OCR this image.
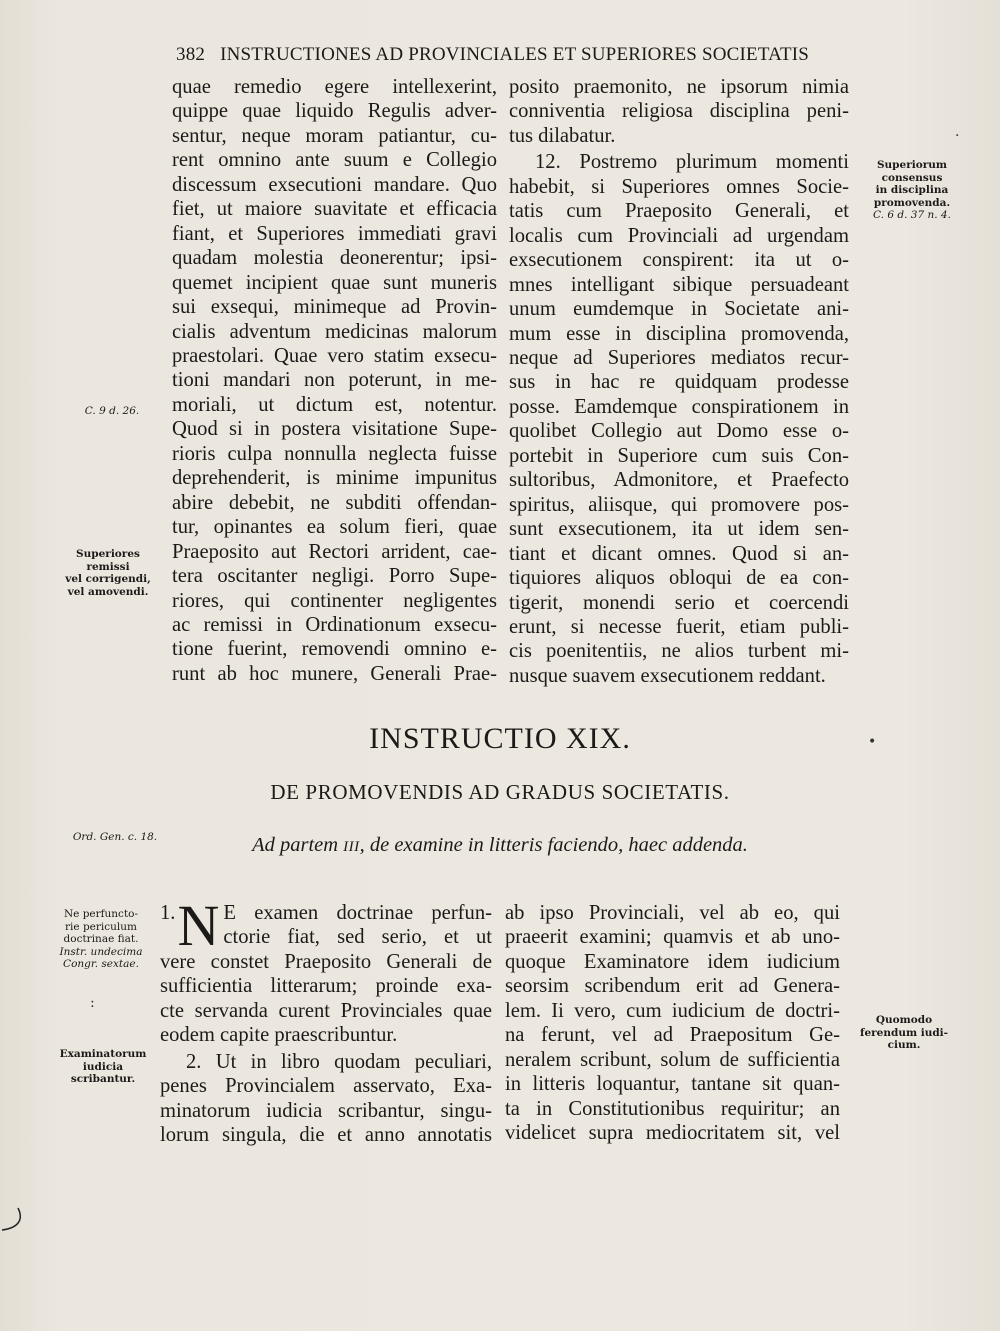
382 INSTRUCTIONES AD PROVINCIALES ET SUPERIORES SOCIETATIS
quae remedio egere intellexerint,
quippe quae liquido Regulis adver-
sentur, neque moram patiantur, cu-
rent omnino ante suum e Collegio
discessum exsecutioni mandare. Quo
fiet, ut maiore suavitate et efficacia
fiant, et Superiores immediati gravi
quadam molestia deonerentur; ipsi-
quemet incipient quae sunt muneris
sui exsequi, minimeque ad Provin-
cialis adventum medicinas malorum
praestolari. Quae vero statim exsecu-
tioni mandari non poterunt, in me-
moriali, ut dictum est, notentur.
Quod si in postera visitatione Supe-
rioris culpa nonnulla neglecta fuisse
deprehenderit, is minime impunitus
abire debebit, ne subditi offendan-
tur, opinantes ea solum fieri, quae
Praeposito aut Rectori arrident, cae-
tera oscitanter negligi. Porro Supe-
riores, qui continenter negligentes
ac remissi in Ordinationum exsecu-
tione fuerint, removendi omnino e-
runt ab hoc munere, Generali Prae-
posito praemonito, ne ipsorum nimia
conniventia religiosa disciplina peni-
tus dilabatur.
12. Postremo plurimum momenti
habebit, si Superiores omnes Socie-
tatis cum Praeposito Generali, et
localis cum Provinciali ad urgendam
exsecutionem conspirent: ita ut o-
mnes intelligant sibique persuadeant
unum eumdemque in Societate ani-
mum esse in disciplina promovenda,
neque ad Superiores mediatos recur-
sus in hac re quidquam prodesse
posse. Eamdemque conspirationem in
quolibet Collegio aut Domo esse o-
portebit in Superiore cum suis Con-
sultoribus, Admonitore, et Praefecto
spiritus, aliisque, qui promovere pos-
sunt exsecutionem, ita ut idem sen-
tiant et dicant omnes. Quod si an-
tiquiores aliquos obloqui de ea con-
tigerit, monendi serio et coercendi
erunt, si necesse fuerit, etiam publi-
cis poenitentiis, ne alios turbent mi-
nusque suavem exsecutionem reddant.
INSTRUCTIO XIX.
DE PROMOVENDIS AD GRADUS SOCIETATIS.
Ad partem III, de examine in litteris faciendo, haec addenda.
1. N E examen doctrinae perfun-
ctorie fiat, sed serio, et ut
vere constet Praeposito Generali de
sufficientia litterarum; proinde exa-
cte servanda curent Provinciales quae
eodem capite praescribuntur.
2. Ut in libro quodam peculiari,
penes Provincialem asservato, Exa-
minatorum iudicia scribantur, singu-
lorum singula, die et anno annotatis
ab ipso Provinciali, vel ab eo, qui
praeerit examini; quamvis et ab uno-
quoque Examinatore idem iudicium
seorsim scribendum erit ad Genera-
lem. Ii vero, cum iudicium de doctri-
na ferunt, vel ad Praepositum Ge-
neralem scribunt, solum de sufficientia
in litteris loquantur, tantane sit quan-
ta in Constitutionibus requiritur; an
videlicet supra mediocritatem sit, vel
C. 9 d. 26.
Superiores
remissi
vel corrigendi,
vel amovendi.
Ord. Gen. c. 18.
Ne perfuncto-
rie periculum
doctrinae fiat.
Instr. undecima
Congr. sextae.
Examinatorum
iudicia
scribantur.
Superiorum
consensus
in disciplina
promovenda.
C. 6 d. 37 n. 4.
Quomodo
ferendum iudi-
cium.
·
•
:
